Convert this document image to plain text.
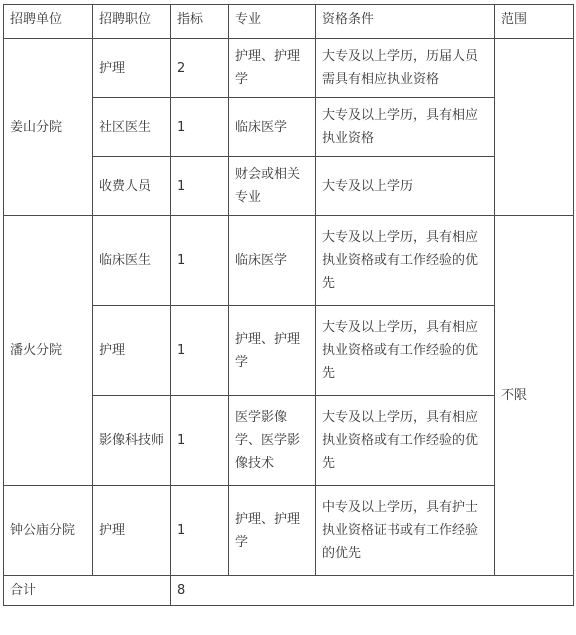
招聘单位	招聘职位	指标	专业	资格条件	范围
姜山分院	护理	2	护理、护理学	大专及以上学历，历届人员需具有相应执业资格	
	社区医生	1	临床医学	大专及以上学历，具有相应执业资格	
	收费人员	1	财会或相关专业	大专及以上学历	
潘火分院	临床医生	1	临床医学	大专及以上学历，具有相应执业资格或有工作经验的优先	不限
	护理	1	护理、护理学	大专及以上学历，具有相应执业资格或有工作经验的优先	
	影像科技师	1	医学影像学、医学影像技术	大专及以上学历，具有相应执业资格或有工作经验的优先	
钟公庙分院	护理	1	护理、护理学	中专及以上学历，具有护士执业资格证书或有工作经验的优先	
合计		8			
